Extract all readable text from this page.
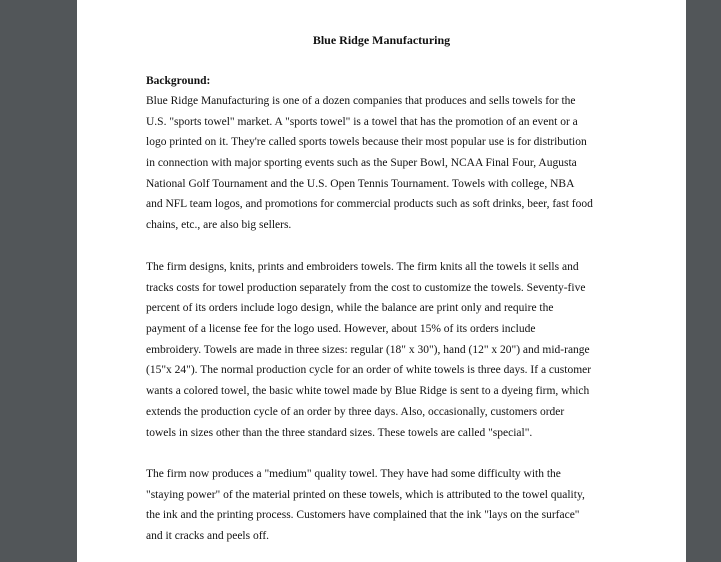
Blue Ridge Manufacturing
Background:
Blue Ridge Manufacturing is one of a dozen companies that produces and sells towels for the
U.S. "sports towel" market. A "sports towel" is a towel that has the promotion of an event or a
logo printed on it. They're called sports towels because their most popular use is for distribution
in connection with major sporting events such as the Super Bowl, NCAA Final Four, Augusta
National Golf Tournament and the U.S. Open Tennis Tournament. Towels with college, NBA
and NFL team logos, and promotions for commercial products such as soft drinks, beer, fast food
chains, etc., are also big sellers.
The firm designs, knits, prints and embroiders towels. The firm knits all the towels it sells and
tracks costs for towel production separately from the cost to customize the towels. Seventy-five
percent of its orders include logo design, while the balance are print only and require the
payment of a license fee for the logo used. However, about 15% of its orders include
embroidery. Towels are made in three sizes: regular (18" x 30"), hand (12" x 20") and mid-range
(15"x 24"). The normal production cycle for an order of white towels is three days. If a customer
wants a colored towel, the basic white towel made by Blue Ridge is sent to a dyeing firm, which
extends the production cycle of an order by three days. Also, occasionally, customers order
towels in sizes other than the three standard sizes. These towels are called "special".
The firm now produces a "medium" quality towel. They have had some difficulty with the
"staying power" of the material printed on these towels, which is attributed to the towel quality,
the ink and the printing process. Customers have complained that the ink "lays on the surface"
and it cracks and peels off.
